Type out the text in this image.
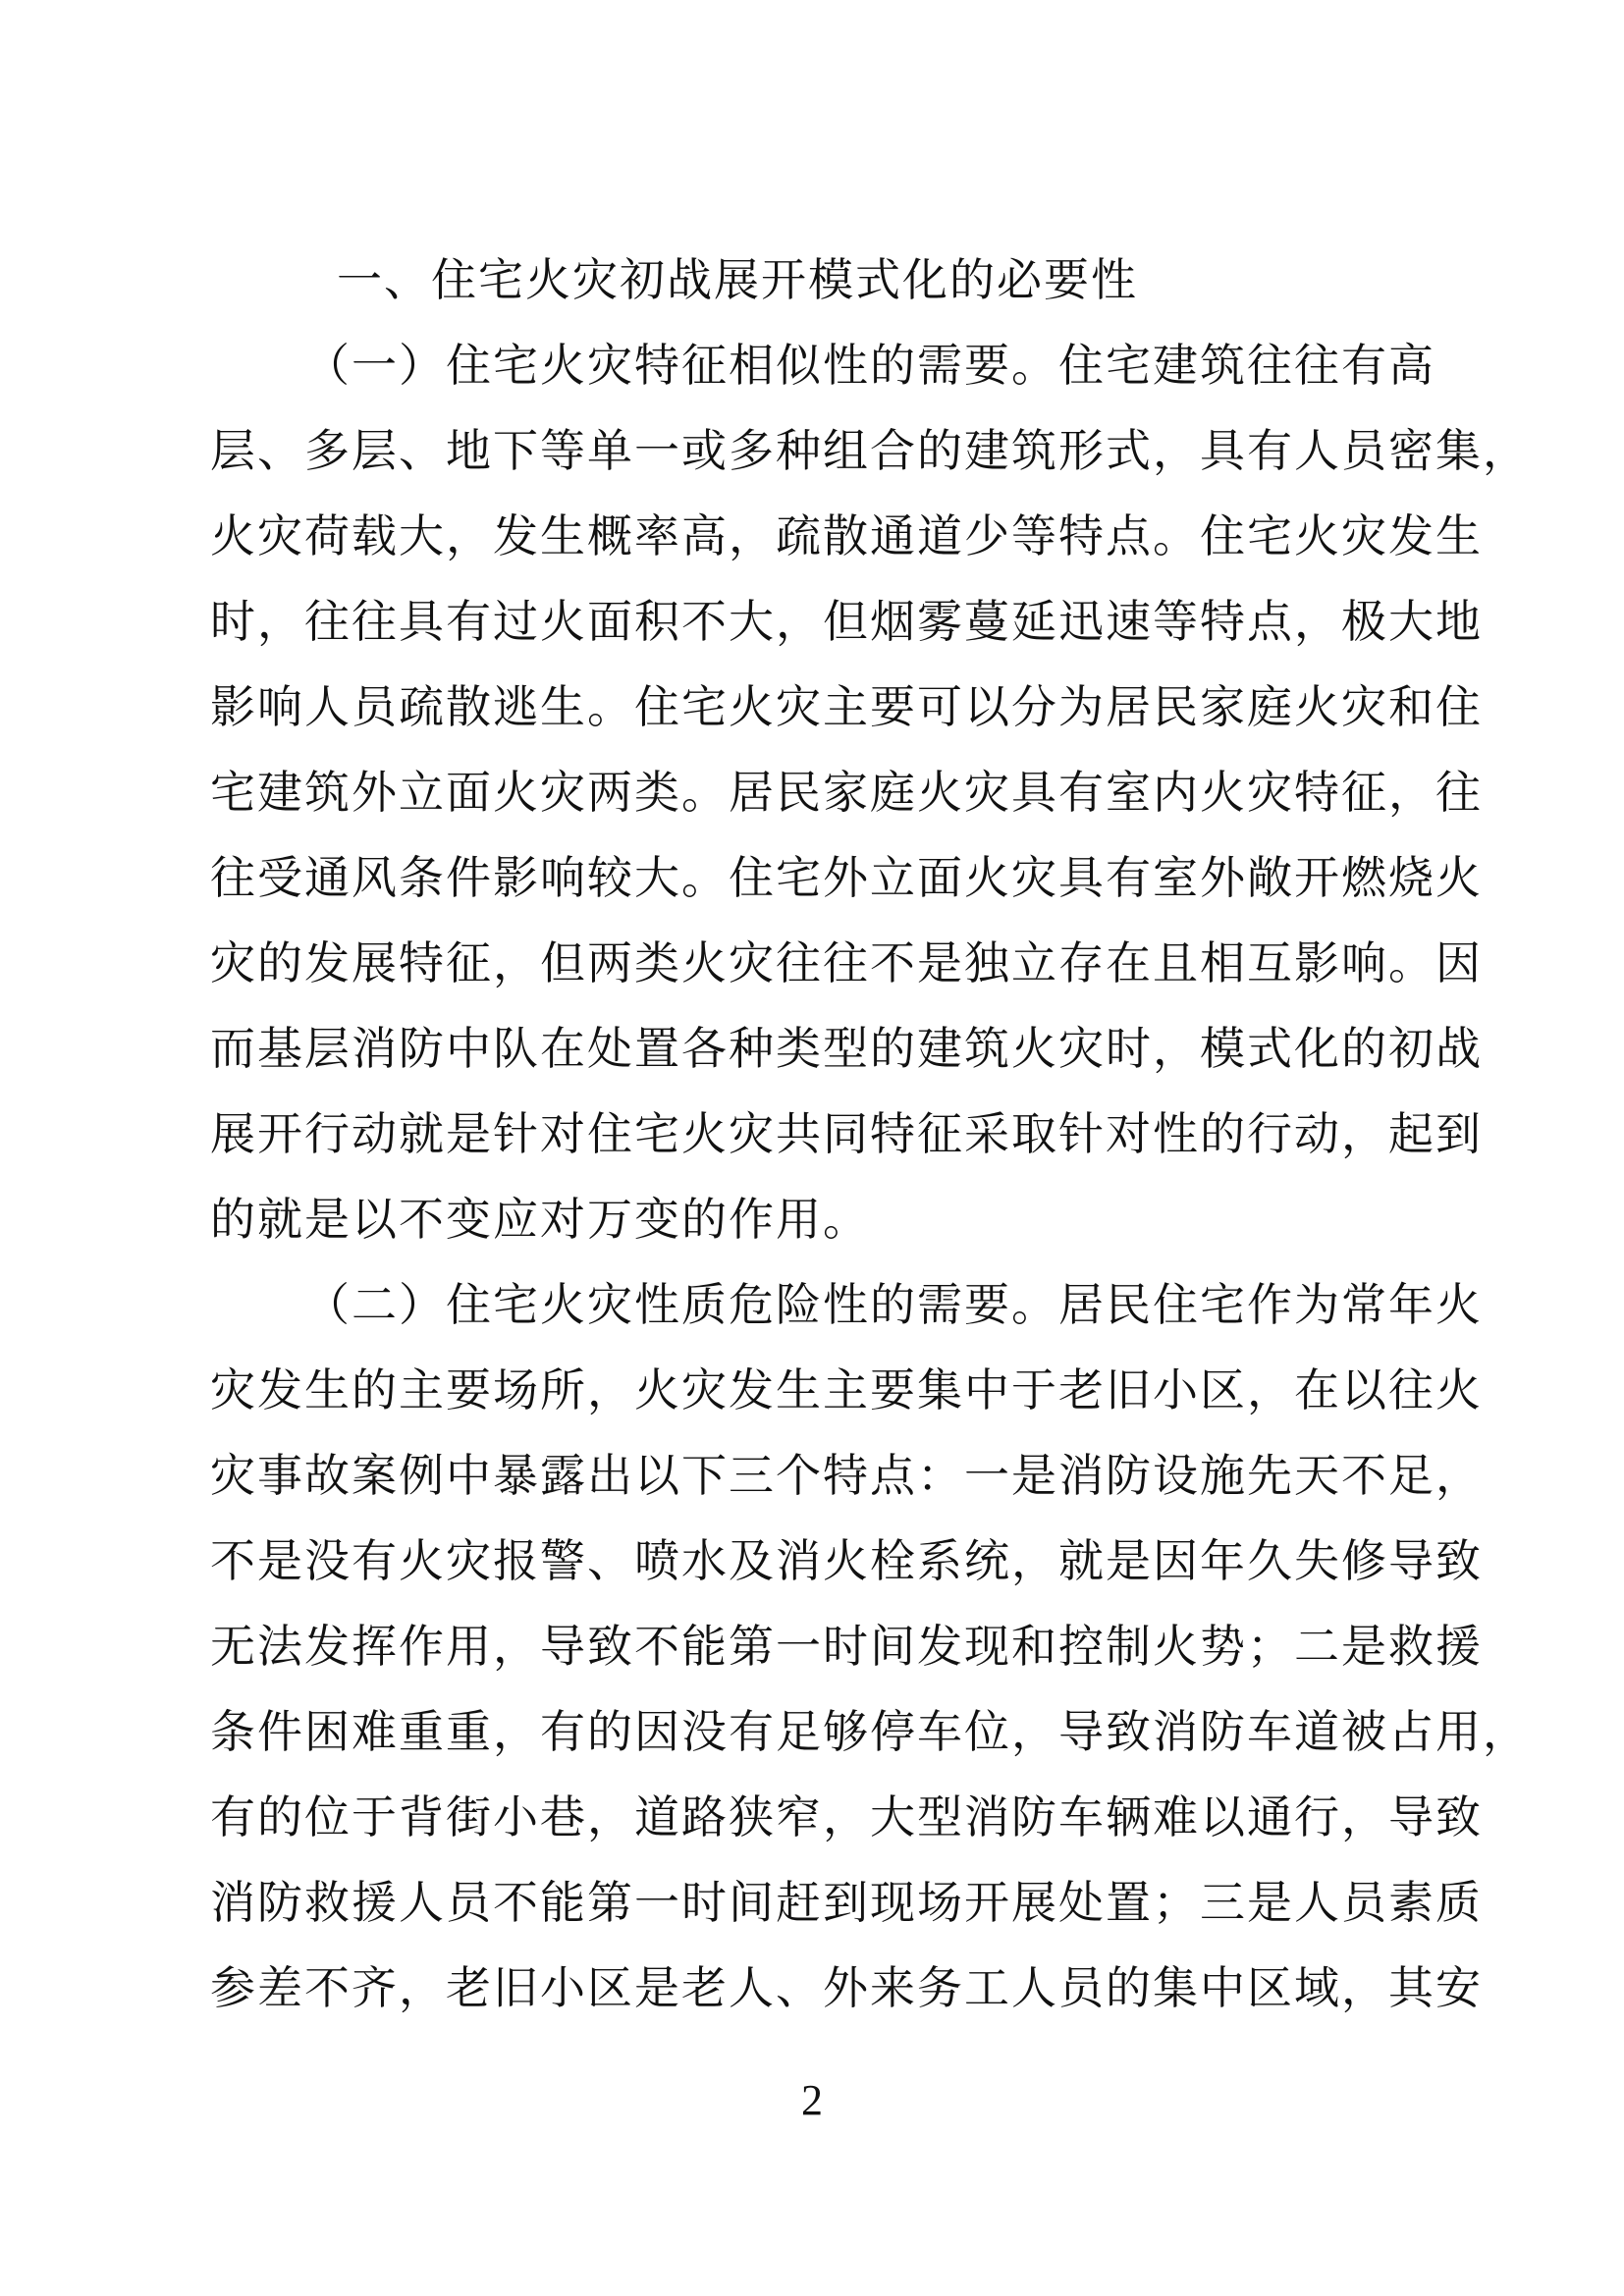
一、住宅火灾初战展开模式化的必要性
（一）住宅火灾特征相似性的需要。住宅建筑往往有高
层、多层、地下等单一或多种组合的建筑形式，具有人员密集，
火灾荷载大，发生概率高，疏散通道少等特点。住宅火灾发生
时，往往具有过火面积不大，但烟雾蔓延迅速等特点，极大地
影响人员疏散逃生。住宅火灾主要可以分为居民家庭火灾和住
宅建筑外立面火灾两类。居民家庭火灾具有室内火灾特征，往
往受通风条件影响较大。住宅外立面火灾具有室外敞开燃烧火
灾的发展特征，但两类火灾往往不是独立存在且相互影响。因
而基层消防中队在处置各种类型的建筑火灾时，模式化的初战
展开行动就是针对住宅火灾共同特征采取针对性的行动，起到
的就是以不变应对万变的作用。
（二）住宅火灾性质危险性的需要。居民住宅作为常年火
灾发生的主要场所，火灾发生主要集中于老旧小区，在以往火
灾事故案例中暴露出以下三个特点：一是消防设施先天不足，
不是没有火灾报警、喷水及消火栓系统，就是因年久失修导致
无法发挥作用，导致不能第一时间发现和控制火势；二是救援
条件困难重重，有的因没有足够停车位，导致消防车道被占用，
有的位于背街小巷，道路狭窄，大型消防车辆难以通行，导致
消防救援人员不能第一时间赶到现场开展处置；三是人员素质
参差不齐，老旧小区是老人、外来务工人员的集中区域，其安
2
